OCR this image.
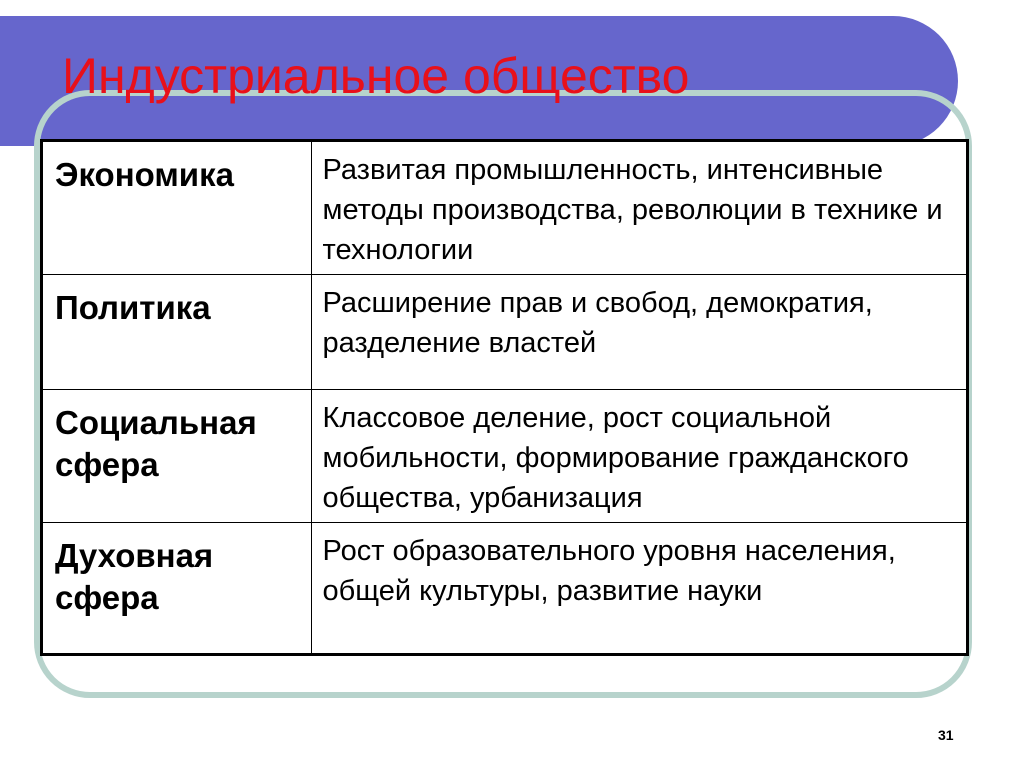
Индустриальное общество
Экономика	Развитая промышленность, интенсивные методы производства, революции в технике и технологии

Политика	Расширение прав и свобод, демократия, разделение властей

Социальная сфера	Классовое деление, рост социальной мобильности, формирование гражданского общества, урбанизация

Духовная сфера	Рост образовательного уровня населения, общей культуры, развитие науки
31
